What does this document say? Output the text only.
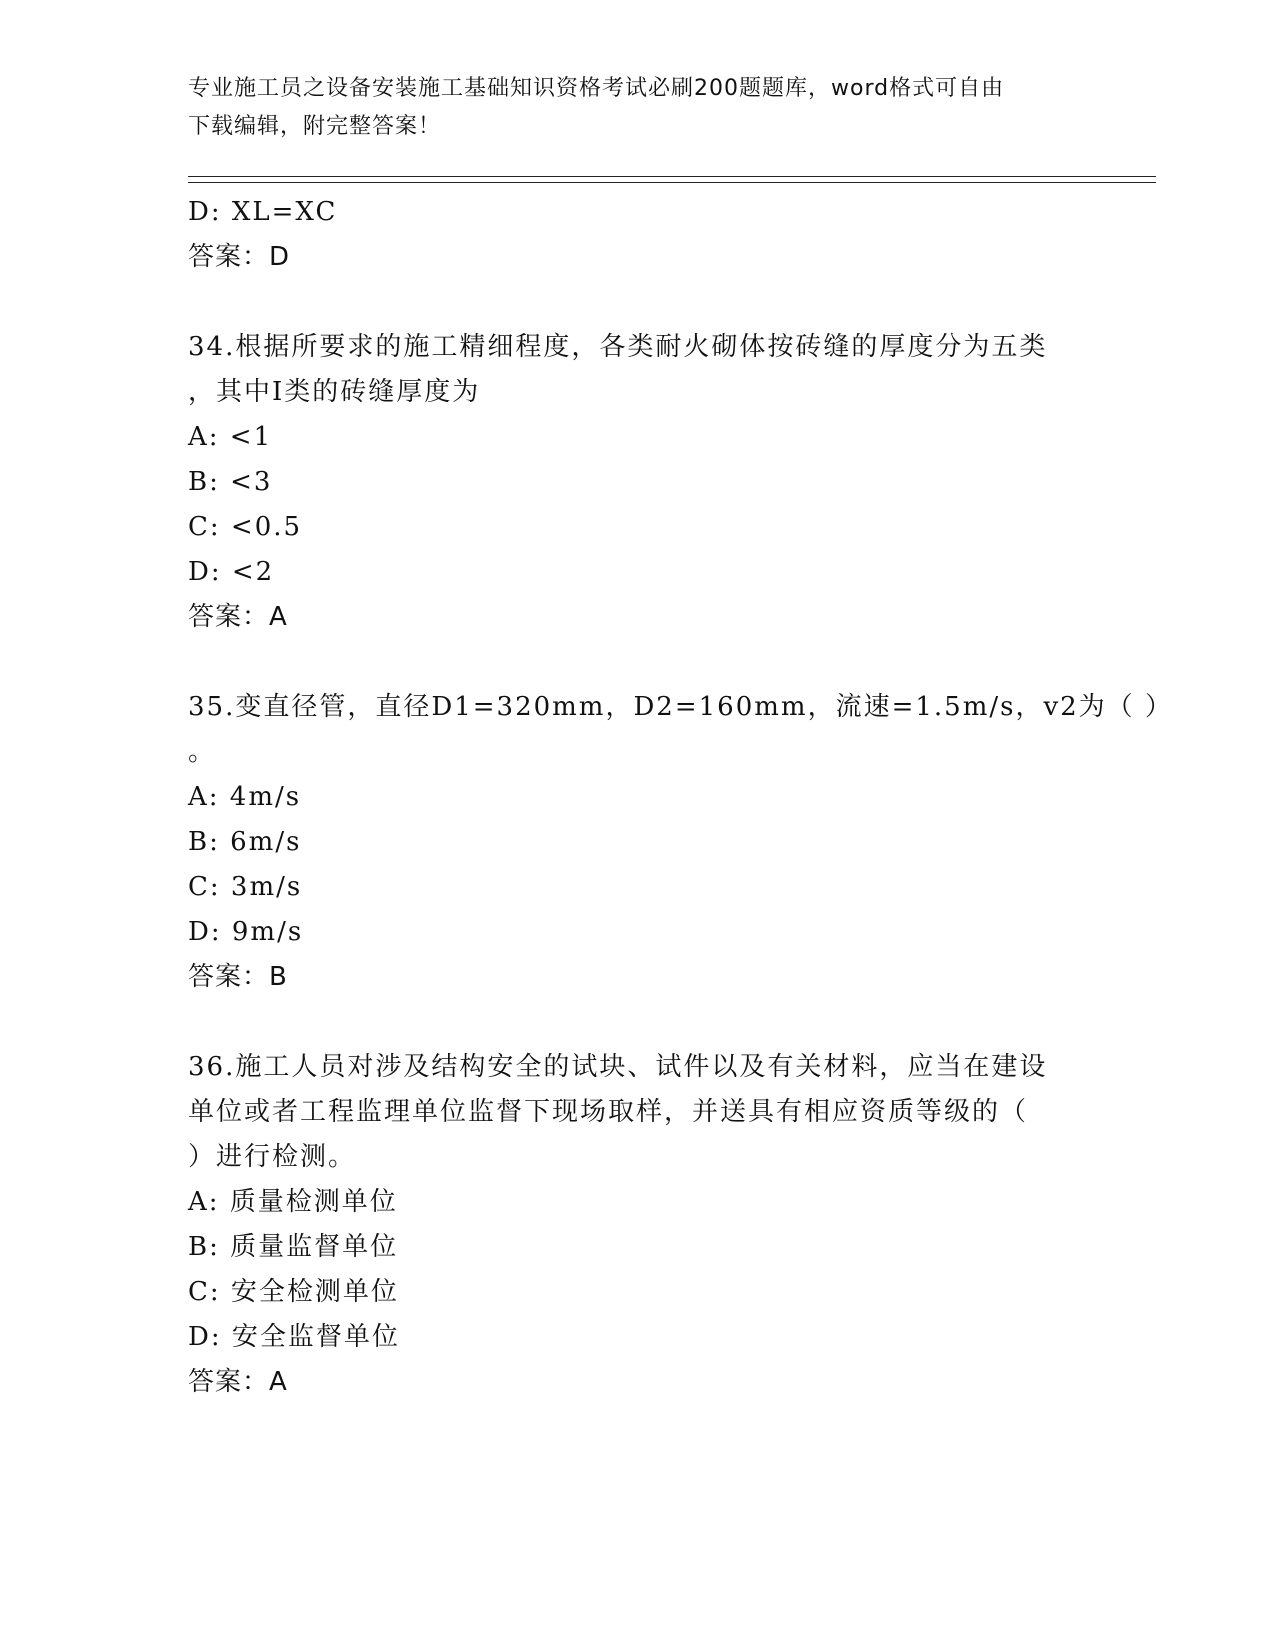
专业施工员之设备安装施工基础知识资格考试必刷200题题库，word格式可自由
下载编辑，附完整答案！
D: XL=XC
答案：D
34.根据所要求的施工精细程度，各类耐火砌体按砖缝的厚度分为五类
，其中Ⅰ类的砖缝厚度为
A: <1
B: <3
C: <0.5
D: <2
答案：A
35.变直径管，直径D1=320mm，D2=160mm，流速=1.5m/s，v2为（ ）
。
A: 4m/s
B: 6m/s
C: 3m/s
D: 9m/s
答案：B
36.施工人员对涉及结构安全的试块、试件以及有关材料，应当在建设
单位或者工程监理单位监督下现场取样，并送具有相应资质等级的（
）进行检测。
A: 质量检测单位
B: 质量监督单位
C: 安全检测单位
D: 安全监督单位
答案：A
